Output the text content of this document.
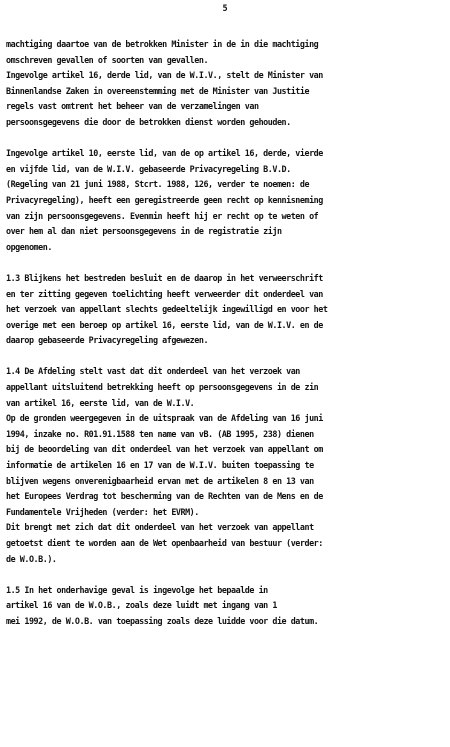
5
machtiging daartoe van de betrokken Minister in de in die machtiging
omschreven gevallen of soorten van gevallen.
Ingevolge artikel 16, derde lid, van de W.I.V., stelt de Minister van
Binnenlandse Zaken in overeenstemming met de Minister van Justitie
regels vast omtrent het beheer van de verzamelingen van
persoonsgegevens die door de betrokken dienst worden gehouden.
Ingevolge artikel 10, eerste lid, van de op artikel 16, derde, vierde
en vijfde lid, van de W.I.V. gebaseerde Privacyregeling B.V.D.
(Regeling van 21 juni 1988, Stcrt. 1988, 126, verder te noemen: de
Privacyregeling), heeft een geregistreerde geen recht op kennisneming
van zijn persoonsgegevens. Evenmin heeft hij er recht op te weten of
over hem al dan niet persoonsgegevens in de registratie zijn
opgenomen.
1.3 Blijkens het bestreden besluit en de daarop in het verweerschrift
en ter zitting gegeven toelichting heeft verweerder dit onderdeel van
het verzoek van appellant slechts gedeeltelijk ingewilligd en voor het
overige met een beroep op artikel 16, eerste lid, van de W.I.V. en de
daarop gebaseerde Privacyregeling afgewezen.
1.4 De Afdeling stelt vast dat dit onderdeel van het verzoek van
appellant uitsluitend betrekking heeft op persoonsgegevens in de zin
van artikel 16, eerste lid, van de W.I.V.
Op de gronden weergegeven in de uitspraak van de Afdeling van 16 juni
1994, inzake no. R01.91.1588 ten name van vB. (AB 1995, 238) dienen
bij de beoordeling van dit onderdeel van het verzoek van appellant om
informatie de artikelen 16 en 17 van de W.I.V. buiten toepassing te
blijven wegens onverenigbaarheid ervan met de artikelen 8 en 13 van
het Europees Verdrag tot bescherming van de Rechten van de Mens en de
Fundamentele Vrijheden (verder: het EVRM).
Dit brengt met zich dat dit onderdeel van het verzoek van appellant
getoetst dient te worden aan de Wet openbaarheid van bestuur (verder:
de W.O.B.).
1.5 In het onderhavige geval is ingevolge het bepaalde in
artikel 16 van de W.O.B., zoals deze luidt met ingang van 1
mei 1992, de W.O.B. van toepassing zoals deze luidde voor die datum.
